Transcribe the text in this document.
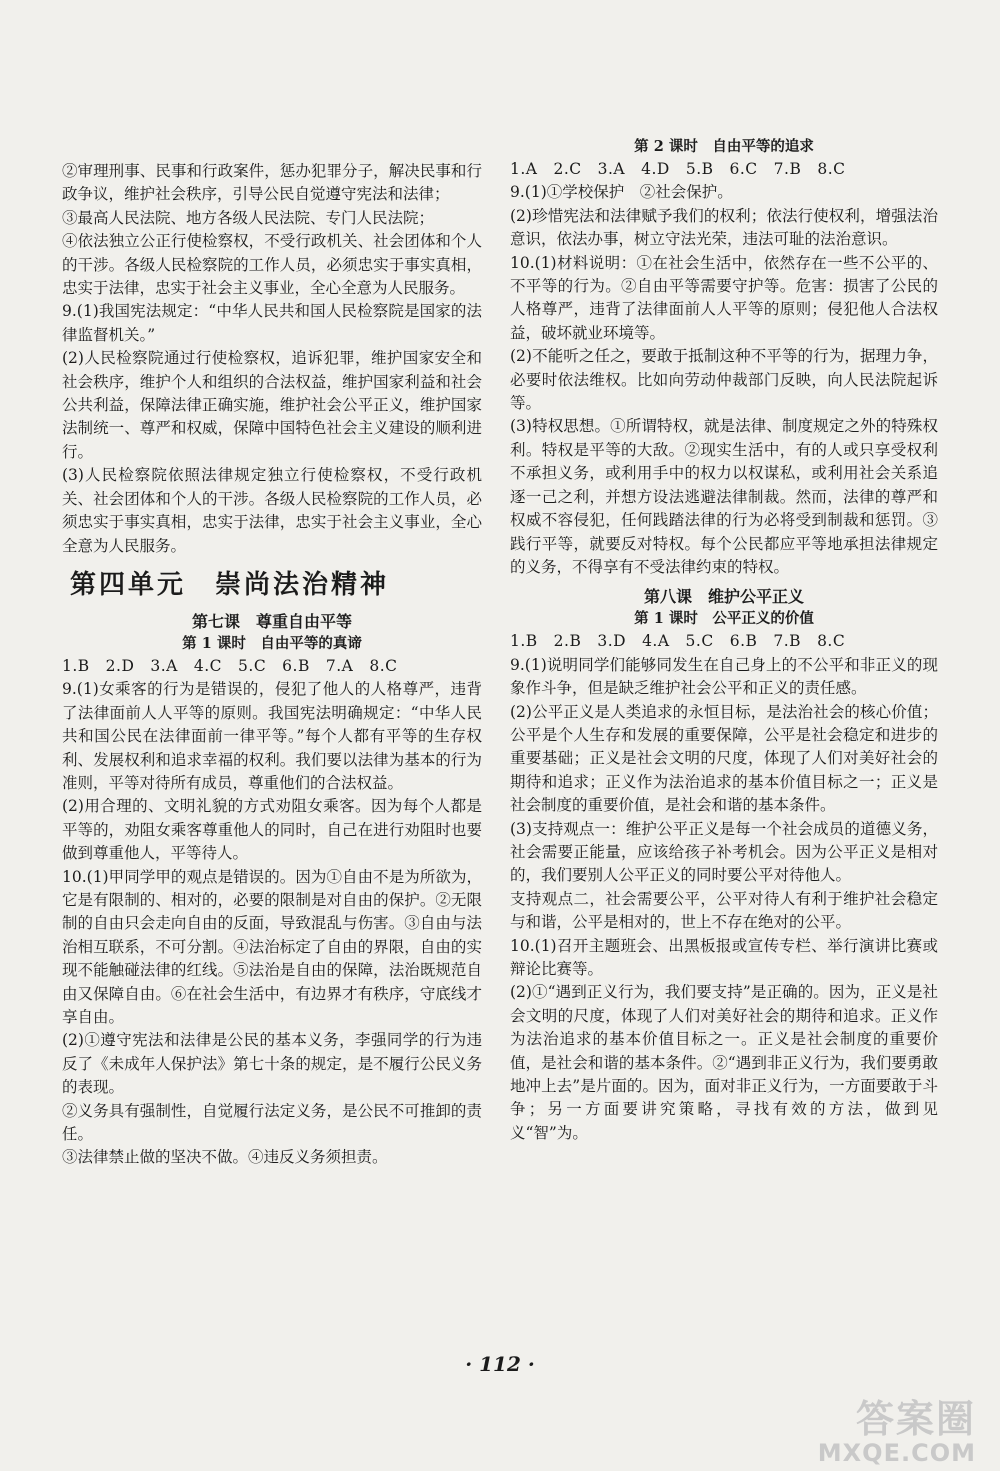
②审理刑事、民事和行政案件，惩办犯罪分子，解决民事和行政争议，维护社会秩序，引导公民自觉遵守宪法和法律；

③最高人民法院、地方各级人民法院、专门人民法院；

④依法独立公正行使检察权，不受行政机关、社会团体和个人的干涉。各级人民检察院的工作人员，必须忠实于事实真相，忠实于法律，忠实于社会主义事业，全心全意为人民服务。

9.(1)我国宪法规定：“中华人民共和国人民检察院是国家的法律监督机关。”

(2)人民检察院通过行使检察权，追诉犯罪，维护国家安全和社会秩序，维护个人和组织的合法权益，维护国家利益和社会公共利益，保障法律正确实施，维护社会公平正义，维护国家法制统一、尊严和权威，保障中国特色社会主义建设的顺利进行。

(3)人民检察院依照法律规定独立行使检察权，不受行政机关、社会团体和个人的干涉。各级人民检察院的工作人员，必须忠实于事实真相，忠实于法律，忠实于社会主义事业，全心全意为人民服务。

第四单元　崇尚法治精神
第七课　尊重自由平等
第 1 课时　自由平等的真谛

1.B　2.D　3.A　4.C　5.C　6.B　7.A　8.C

9.(1)女乘客的行为是错误的，侵犯了他人的人格尊严，违背了法律面前人人平等的原则。我国宪法明确规定：“中华人民共和国公民在法律面前一律平等。”每个人都有平等的生存权利、发展权利和追求幸福的权利。我们要以法律为基本的行为准则，平等对待所有成员，尊重他们的合法权益。

(2)用合理的、文明礼貌的方式劝阻女乘客。因为每个人都是平等的，劝阻女乘客尊重他人的同时，自己在进行劝阻时也要做到尊重他人，平等待人。

10.(1)甲同学甲的观点是错误的。因为①自由不是为所欲为，它是有限制的、相对的，必要的限制是对自由的保护。②无限制的自由只会走向自由的反面，导致混乱与伤害。③自由与法治相互联系，不可分割。④法治标定了自由的界限，自由的实现不能触碰法律的红线。⑤法治是自由的保障，法治既规范自由又保障自由。⑥在社会生活中，有边界才有秩序，守底线才享自由。

(2)①遵守宪法和法律是公民的基本义务，李强同学的行为违反了《未成年人保护法》第七十条的规定，是不履行公民义务的表现。

②义务具有强制性，自觉履行法定义务，是公民不可推卸的责任。

③法律禁止做的坚决不做。④违反义务须担责。

第 2 课时　自由平等的追求

1.A　2.C　3.A　4.D　5.B　6.C　7.B　8.C

9.(1)①学校保护　②社会保护。

(2)珍惜宪法和法律赋予我们的权利；依法行使权利，增强法治意识，依法办事，树立守法光荣，违法可耻的法治意识。

10.(1)材料说明：①在社会生活中，依然存在一些不公平的、不平等的行为。②自由平等需要守护等。危害：损害了公民的人格尊严，违背了法律面前人人平等的原则；侵犯他人合法权益，破坏就业环境等。

(2)不能听之任之，要敢于抵制这种不平等的行为，据理力争，必要时依法维权。比如向劳动仲裁部门反映，向人民法院起诉等。

(3)特权思想。①所谓特权，就是法律、制度规定之外的特殊权利。特权是平等的大敌。②现实生活中，有的人或只享受权利不承担义务，或利用手中的权力以权谋私，或利用社会关系追逐一己之利，并想方设法逃避法律制裁。然而，法律的尊严和权威不容侵犯，任何践踏法律的行为必将受到制裁和惩罚。③践行平等，就要反对特权。每个公民都应平等地承担法律规定的义务，不得享有不受法律约束的特权。

第八课　维护公平正义
第 1 课时　公平正义的价值

1.B　2.B　3.D　4.A　5.C　6.B　7.B　8.C

9.(1)说明同学们能够同发生在自己身上的不公平和非正义的现象作斗争，但是缺乏维护社会公平和正义的责任感。

(2)公平正义是人类追求的永恒目标，是法治社会的核心价值；公平是个人生存和发展的重要保障，公平是社会稳定和进步的重要基础；正义是社会文明的尺度，体现了人们对美好社会的期待和追求；正义作为法治追求的基本价值目标之一；正义是社会制度的重要价值，是社会和谐的基本条件。

(3)支持观点一：维护公平正义是每一个社会成员的道德义务，社会需要正能量，应该给孩子补考机会。因为公平正义是相对的，我们要别人公平正义的同时要公平对待他人。

支持观点二，社会需要公平，公平对待人有利于维护社会稳定与和谐，公平是相对的，世上不存在绝对的公平。

10.(1)召开主题班会、出黑板报或宣传专栏、举行演讲比赛或辩论比赛等。

(2)①“遇到正义行为，我们要支持”是正确的。因为，正义是社会文明的尺度，体现了人们对美好社会的期待和追求。正义作为法治追求的基本价值目标之一。正义是社会制度的重要价值，是社会和谐的基本条件。②“遇到非正义行为，我们要勇敢地冲上去”是片面的。因为，面对非正义行为，一方面要敢于斗争；另一方面要讲究策略，寻找有效的方法，做到见义“智”为。

· 112 ·
答案圈
MXQE.COM
